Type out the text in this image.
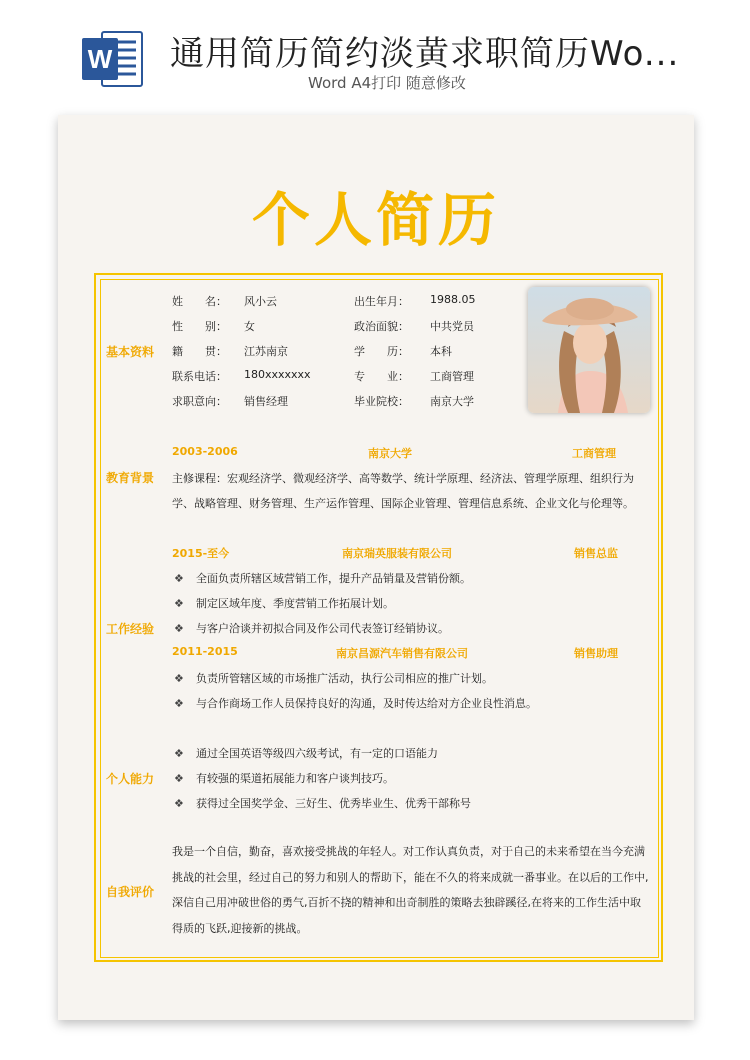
W 通用简历简约淡黄求职简历Wo...
Word A4打印 随意修改
个人简历
基本资料
姓　　名： 风小云	出生年月： 1988.05
性　　别： 女	政治面貌： 中共党员
籍　　贯： 江苏南京	学　　历： 本科
联系电话： 180xxxxxxx	专　　业： 工商管理
求职意向： 销售经理	毕业院校： 南京大学
教育背景
2003-2006	南京大学	工商管理
主修课程：宏观经济学、微观经济学、高等数学、统计学原理、经济法、管理学原理、组织行为
学、战略管理、财务管理、生产运作管理、国际企业管理、管理信息系统、企业文化与伦理等。
工作经验
2015-至今	南京瑞英服装有限公司	销售总监
❖ 全面负责所辖区域营销工作，提升产品销量及营销份额。
❖ 制定区域年度、季度营销工作拓展计划。
❖ 与客户洽谈并初拟合同及作公司代表签订经销协议。
2011-2015	南京昌源汽车销售有限公司	销售助理
❖ 负责所管辖区域的市场推广活动，执行公司相应的推广计划。
❖ 与合作商场工作人员保持良好的沟通，及时传达给对方企业良性消息。
个人能力
❖ 通过全国英语等级四六级考试，有一定的口语能力
❖ 有较强的渠道拓展能力和客户谈判技巧。
❖ 获得过全国奖学金、三好生、优秀毕业生、优秀干部称号
自我评价
我是一个自信，勤奋，喜欢接受挑战的年轻人。对工作认真负责，对于自己的未来希望在当今充满挑战的社会里，经过自己的努力和别人的帮助下，能在不久的将来成就一番事业。在以后的工作中,深信自己用冲破世俗的勇气,百折不挠的精神和出奇制胜的策略去独辟蹊径,在将来的工作生活中取得质的飞跃,迎接新的挑战。
